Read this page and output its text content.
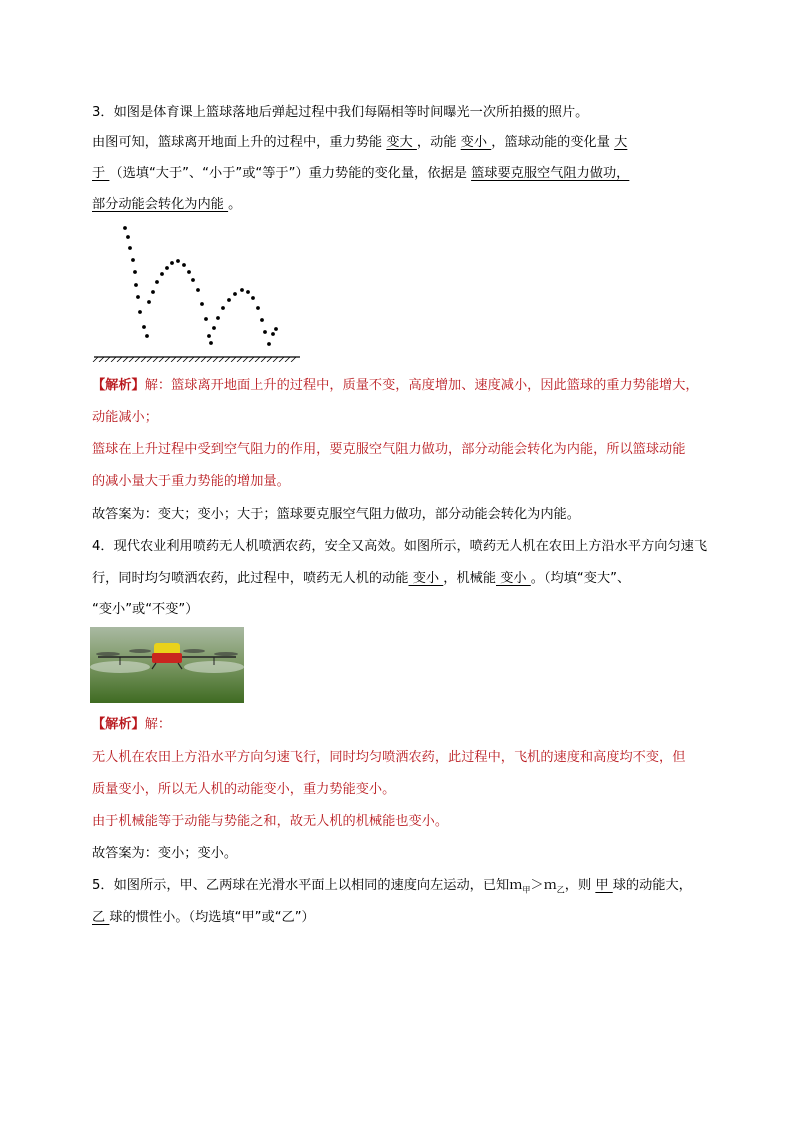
3．如图是体育课上篮球落地后弹起过程中我们每隔相等时间曝光一次所拍摄的照片。
由图可知，篮球离开地面上升的过程中，重力势能 变大 ，动能 变小 ，篮球动能的变化量 大
于 （选填“大于”、“小于”或“等于”）重力势能的变化量，依据是 篮球要克服空气阻力做功，
部分动能会转化为内能 。
【解析】解：篮球离开地面上升的过程中，质量不变，高度增加、速度减小，因此篮球的重力势能增大，
动能减小；
篮球在上升过程中受到空气阻力的作用，要克服空气阻力做功，部分动能会转化为内能，所以篮球动能
的减小量大于重力势能的增加量。
故答案为：变大；变小；大于；篮球要克服空气阻力做功，部分动能会转化为内能。
4．现代农业利用喷药无人机喷洒农药，安全又高效。如图所示，喷药无人机在农田上方沿水平方向匀速飞
行，同时均匀喷洒农药，此过程中，喷药无人机的动能 变小 ，机械能 变小 。（均填“变大”、
“变小”或“不变”）
【解析】解：
无人机在农田上方沿水平方向匀速飞行，同时均匀喷洒农药，此过程中，飞机的速度和高度均不变，但
质量变小，所以无人机的动能变小，重力势能变小。
由于机械能等于动能与势能之和，故无人机的机械能也变小。
故答案为：变小；变小。
5．如图所示，甲、乙两球在光滑水平面上以相同的速度向左运动，已知ｍ$_甲$＞ｍ$_乙$，则 甲 球的动能大，
乙 球的惯性小。（均选填“甲”或“乙”）
